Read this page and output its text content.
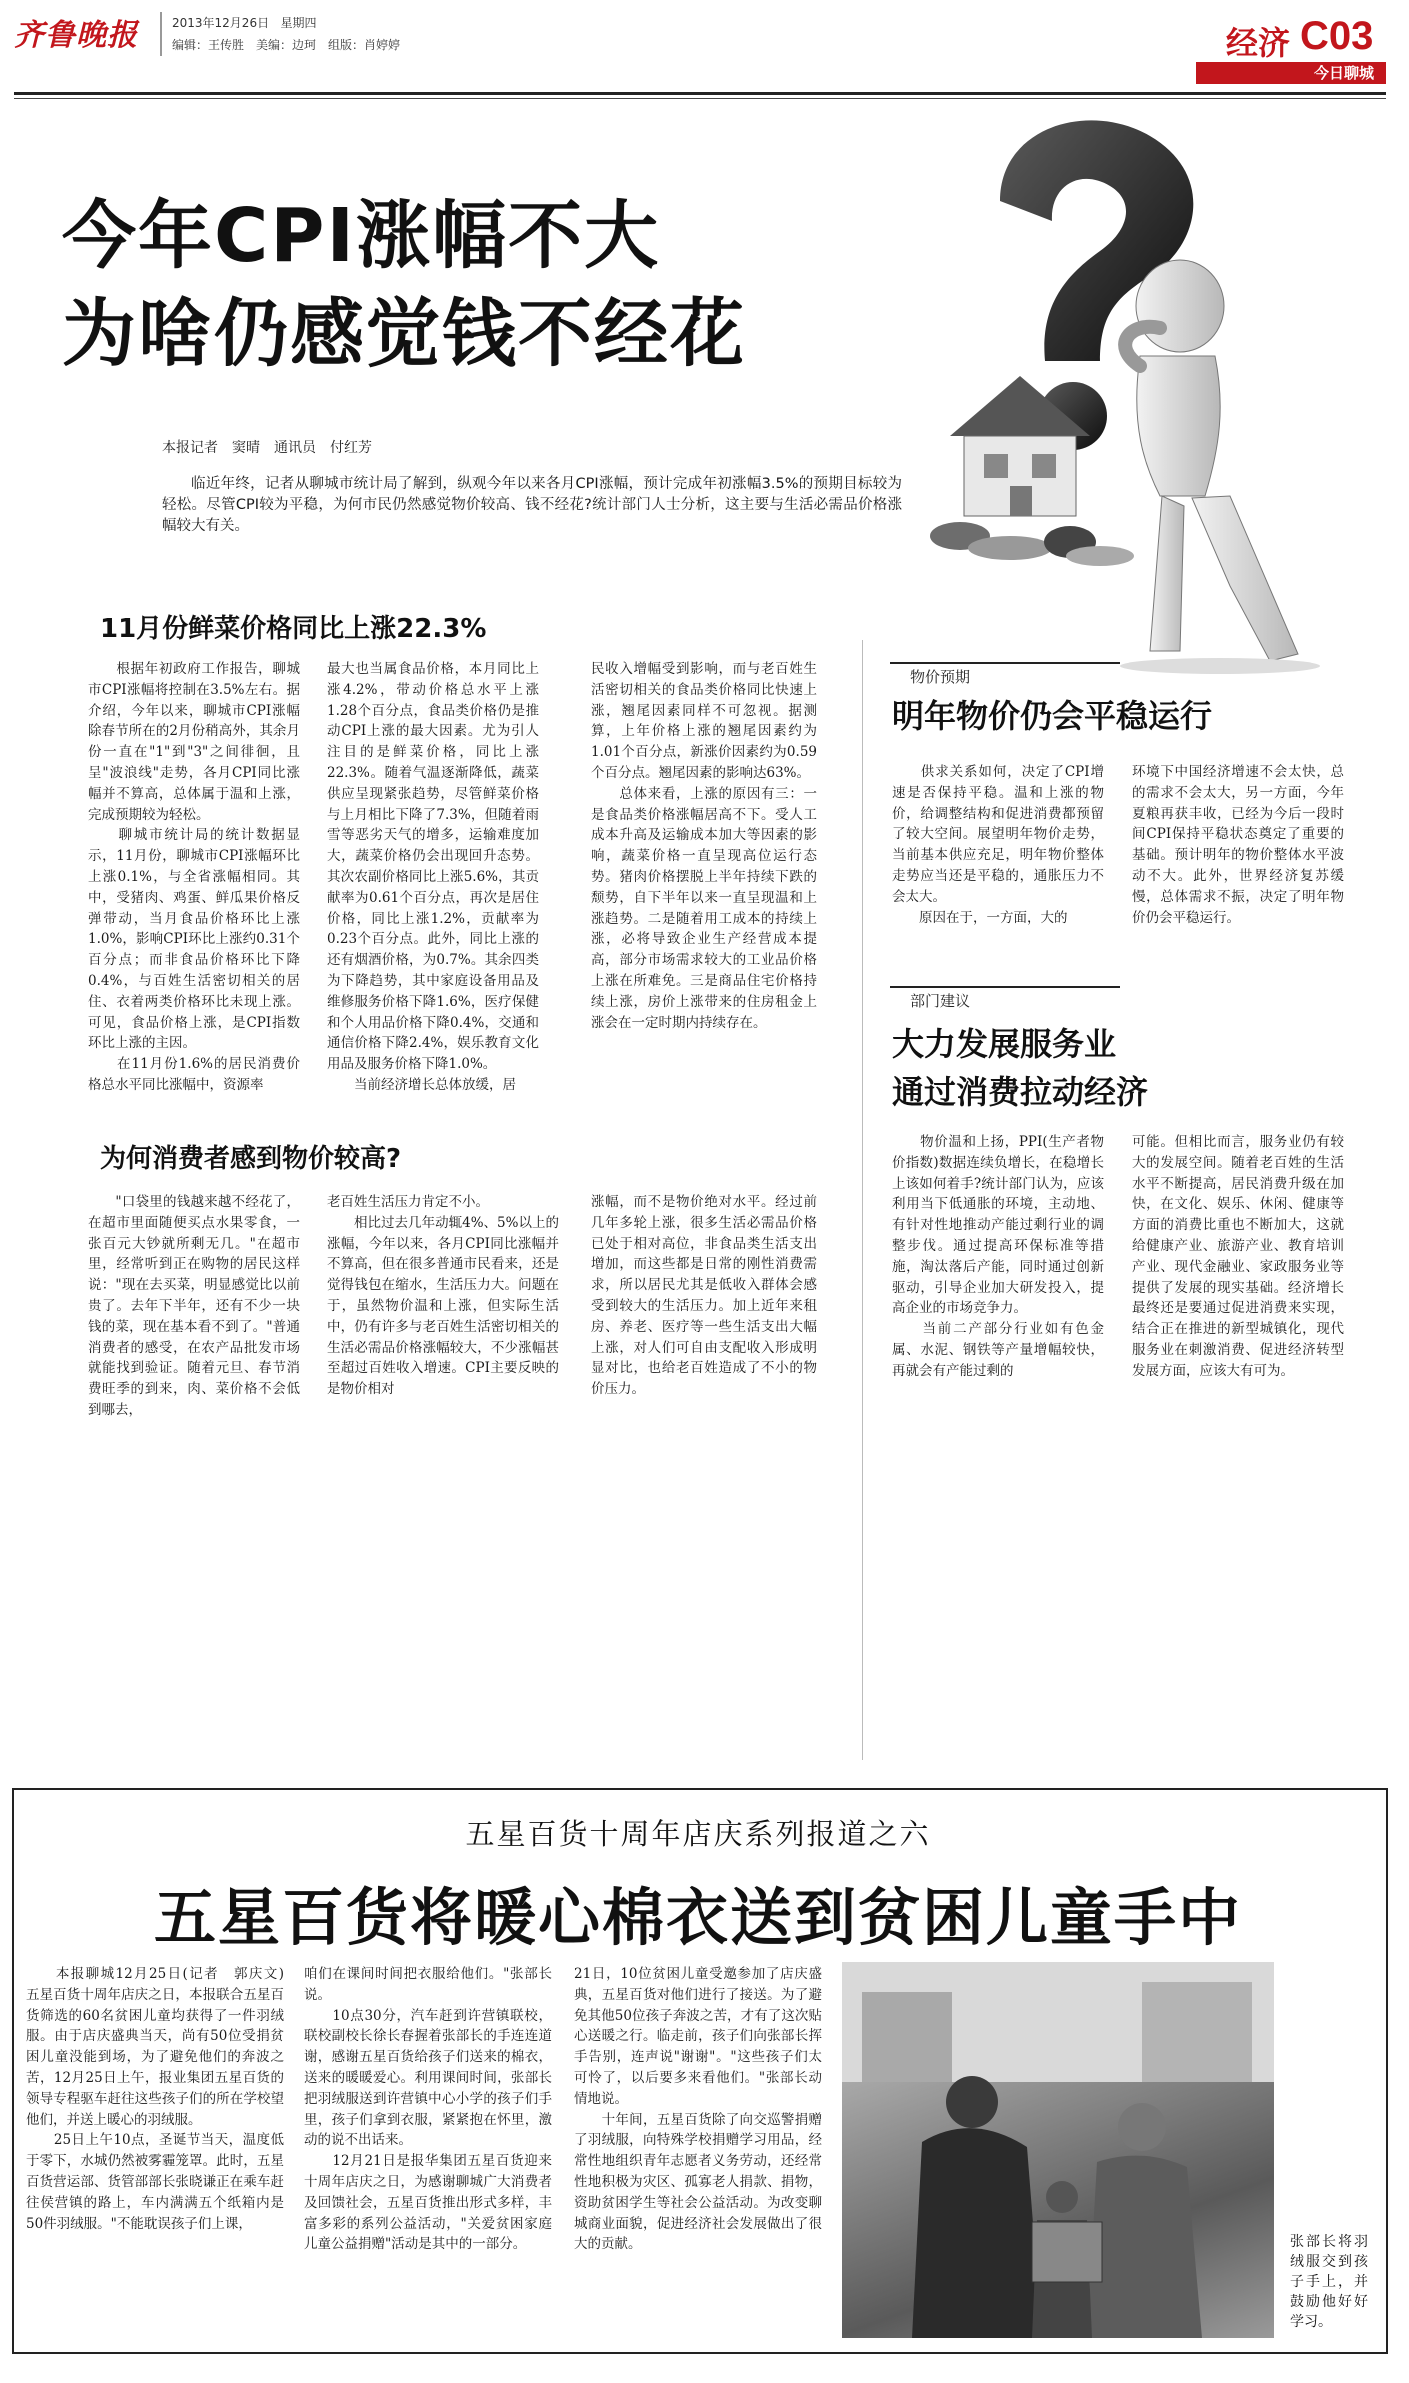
齐鲁晚报	2013年12月26日 星期四
编辑：王传胜　美编：边珂　组版：肖婷婷	经济 C03
今日聊城
今年CPI涨幅不大
为啥仍感觉钱不经花
本报记者　窦晴　通讯员　付红芳
临近年终，记者从聊城市统计局了解到，纵观今年以来各月CPI涨幅，预计完成年初涨幅3.5%的预期目标较为轻松。尽管CPI较为平稳，为何市民仍然感觉物价较高、钱不经花?统计部门人士分析，这主要与生活必需品价格涨幅较大有关。
11月份鲜菜价格同比上涨22.3%
　　根据年初政府工作报告，聊城市CPI涨幅将控制在3.5%左右。据介绍，今年以来，聊城市CPI涨幅除春节所在的2月份稍高外，其余月份一直在"1"到"3"之间徘徊，且呈"波浪线"走势，各月CPI同比涨幅并不算高，总体属于温和上涨，完成预期较为轻松。
　　聊城市统计局的统计数据显示，11月份，聊城市CPI涨幅环比上涨0.1%，与全省涨幅相同。其中，受猪肉、鸡蛋、鲜瓜果价格反弹带动，当月食品价格环比上涨1.0%，影响CPI环比上涨约0.31个百分点；而非食品价格环比下降0.4%，与百姓生活密切相关的居住、衣着两类价格环比未现上涨。可见，食品价格上涨，是CPI指数环比上涨的主因。
　　在11月份1.6%的居民消费价格总水平同比涨幅中，资源率
最大也当属食品价格，本月同比上涨4.2%，带动价格总水平上涨1.28个百分点，食品类价格仍是推动CPI上涨的最大因素。尤为引人注目的是鲜菜价格，同比上涨22.3%。随着气温逐渐降低，蔬菜供应呈现紧张趋势，尽管鲜菜价格与上月相比下降了7.3%，但随着雨雪等恶劣天气的增多，运输难度加大，蔬菜价格仍会出现回升态势。其次农副价格同比上涨5.6%，其贡献率为0.61个百分点，再次是居住价格，同比上涨1.2%，贡献率为0.23个百分点。此外，同比上涨的还有烟酒价格，为0.7%。其余四类为下降趋势，其中家庭设备用品及维修服务价格下降1.6%，医疗保健和个人用品价格下降0.4%，交通和通信价格下降2.4%，娱乐教育文化用品及服务价格下降1.0%。
　　当前经济增长总体放缓，居
民收入增幅受到影响，而与老百姓生活密切相关的食品类价格同比快速上涨，翘尾因素同样不可忽视。据测算，上年价格上涨的翘尾因素约为1.01个百分点，新涨价因素约为0.59个百分点。翘尾因素的影响达63%。
　　总体来看，上涨的原因有三：一是食品类价格涨幅居高不下。受人工成本升高及运输成本加大等因素的影响，蔬菜价格一直呈现高位运行态势。猪肉价格摆脱上半年持续下跌的颓势，自下半年以来一直呈现温和上涨趋势。二是随着用工成本的持续上涨，必将导致企业生产经营成本提高，部分市场需求较大的工业品价格上涨在所难免。三是商品住宅价格持续上涨，房价上涨带来的住房租金上涨会在一定时期内持续存在。
为何消费者感到物价较高?
　　"口袋里的钱越来越不经花了，在超市里面随便买点水果零食，一张百元大钞就所剩无几。"在超市里，经常听到正在购物的居民这样说："现在去买菜，明显感觉比以前贵了。去年下半年，还有不少一块钱的菜，现在基本看不到了。"普通消费者的感受，在农产品批发市场就能找到验证。随着元旦、春节消费旺季的到来，肉、菜价格不会低到哪去，
老百姓生活压力肯定不小。
　　相比过去几年动辄4%、5%以上的涨幅，今年以来，各月CPI同比涨幅并不算高，但在很多普通市民看来，还是觉得钱包在缩水，生活压力大。问题在于，虽然物价温和上涨，但实际生活中，仍有许多与老百姓生活密切相关的生活必需品价格涨幅较大，不少涨幅甚至超过百姓收入增速。CPI主要反映的是物价相对
涨幅，而不是物价绝对水平。经过前几年多轮上涨，很多生活必需品价格已处于相对高位，非食品类生活支出增加，而这些都是日常的刚性消费需求，所以居民尤其是低收入群体会感受到较大的生活压力。加上近年来租房、养老、医疗等一些生活支出大幅上涨，对人们可自由支配收入形成明显对比，也给老百姓造成了不小的物价压力。
物价预期
明年物价仍会平稳运行
　　供求关系如何，决定了CPI增速是否保持平稳。温和上涨的物价，给调整结构和促进消费都预留了较大空间。展望明年物价走势，当前基本供应充足，明年物价整体走势应当还是平稳的，通胀压力不会太大。
　　原因在于，一方面，大的
环境下中国经济增速不会太快，总的需求不会太大，另一方面，今年夏粮再获丰收，已经为今后一段时间CPI保持平稳状态奠定了重要的基础。预计明年的物价整体水平波动不大。此外，世界经济复苏缓慢，总体需求不振，决定了明年物价仍会平稳运行。
部门建议
大力发展服务业
通过消费拉动经济
　　物价温和上扬，PPI(生产者物价指数)数据连续负增长，在稳增长上该如何着手?统计部门认为，应该利用当下低通胀的环境，主动地、有针对性地推动产能过剩行业的调整步伐。通过提高环保标准等措施，淘汰落后产能，同时通过创新驱动，引导企业加大研发投入，提高企业的市场竞争力。
　　当前二产部分行业如有色金属、水泥、钢铁等产量增幅较快，再就会有产能过剩的
可能。但相比而言，服务业仍有较大的发展空间。随着老百姓的生活水平不断提高，居民消费升级在加快，在文化、娱乐、休闲、健康等方面的消费比重也不断加大，这就给健康产业、旅游产业、教育培训产业、现代金融业、家政服务业等提供了发展的现实基础。经济增长最终还是要通过促进消费来实现，结合正在推进的新型城镇化，现代服务业在刺激消费、促进经济转型发展方面，应该大有可为。
五星百货十周年店庆系列报道之六
五星百货将暖心棉衣送到贫困儿童手中
　　本报聊城12月25日(记者　郭庆文)　五星百货十周年店庆之日，本报联合五星百货筛选的60名贫困儿童均获得了一件羽绒服。由于店庆盛典当天，尚有50位受捐贫困儿童没能到场，为了避免他们的奔波之苦，12月25日上午，报业集团五星百货的领导专程驱车赶往这些孩子们的所在学校望他们，并送上暖心的羽绒服。
　　25日上午10点，圣诞节当天，温度低于零下，水城仍然被雾霾笼罩。此时，五星百货营运部、货管部部长张晓谦正在乘车赶往侯营镇的路上，车内满满五个纸箱内是50件羽绒服。"不能耽误孩子们上课，
咱们在课间时间把衣服给他们。"张部长说。
　　10点30分，汽车赶到许营镇联校，联校副校长徐长春握着张部长的手连连道谢，感谢五星百货给孩子们送来的棉衣，送来的暖暖爱心。利用课间时间，张部长把羽绒服送到许营镇中心小学的孩子们手里，孩子们拿到衣服，紧紧抱在怀里，激动的说不出话来。
　　12月21日是报华集团五星百货迎来十周年店庆之日，为感谢聊城广大消费者及回馈社会，五星百货推出形式多样，丰富多彩的系列公益活动，"关爱贫困家庭儿童公益捐赠"活动是其中的一部分。
21日，10位贫困儿童受邀参加了店庆盛典，五星百货对他们进行了接送。为了避免其他50位孩子奔波之苦，才有了这次贴心送暖之行。临走前，孩子们向张部长挥手告别，连声说"谢谢"。"这些孩子们太可怜了，以后要多来看他们。"张部长动情地说。
　　十年间，五星百货除了向交巡警捐赠了羽绒服，向特殊学校捐赠学习用品，经常性地组织青年志愿者义务劳动，还经常性地积极为灾区、孤寡老人捐款、捐物，资助贫困学生等社会公益活动。为改变聊城商业面貌，促进经济社会发展做出了很大的贡献。	张部长将羽绒服交到孩子手上，并鼓励他好好学习。
